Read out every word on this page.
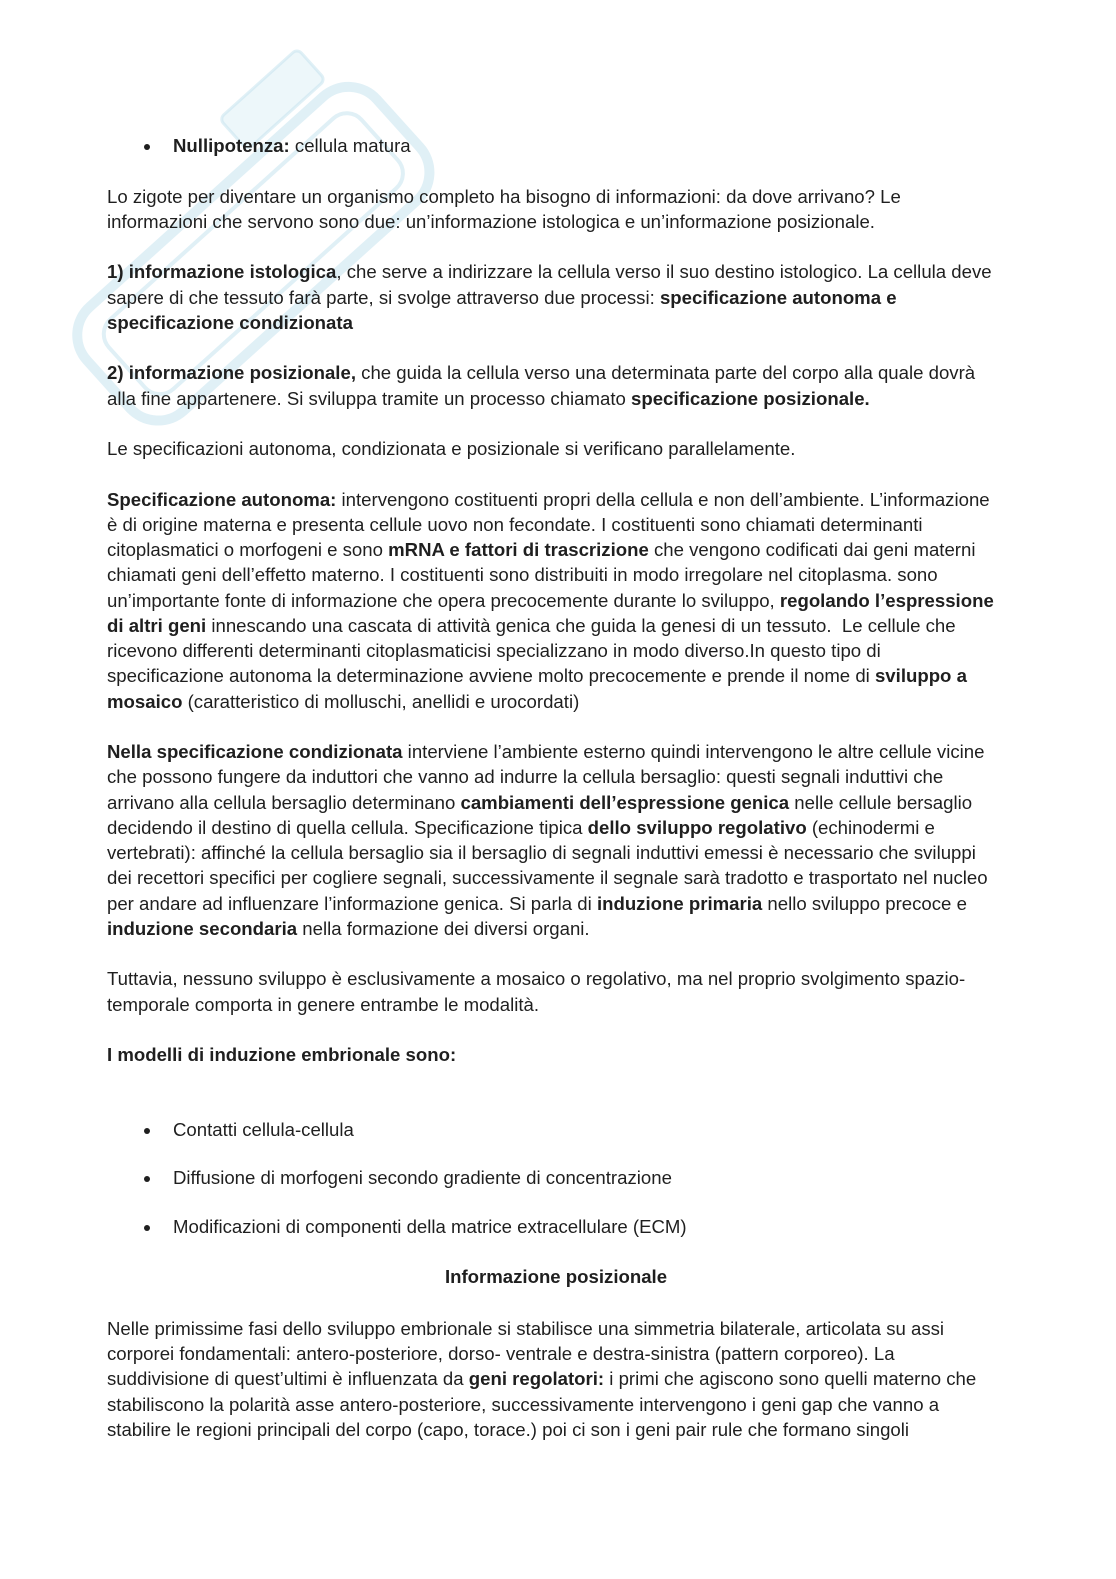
Nullipotenza: cellula matura
Lo zigote per diventare un organismo completo ha bisogno di informazioni: da dove arrivano? Le
informazioni che servono sono due: un’informazione istologica e un’informazione posizionale.
1) informazione istologica, che serve a indirizzare la cellula verso il suo destino istologico. La cellula deve
sapere di che tessuto farà parte, si svolge attraverso due processi: specificazione autonoma e
specificazione condizionata
2) informazione posizionale, che guida la cellula verso una determinata parte del corpo alla quale dovrà
alla fine appartenere. Si sviluppa tramite un processo chiamato specificazione posizionale.
Le specificazioni autonoma, condizionata e posizionale si verificano parallelamente.
Specificazione autonoma: intervengono costituenti propri della cellula e non dell’ambiente. L’informazione
è di origine materna e presenta cellule uovo non fecondate. I costituenti sono chiamati determinanti
citoplasmatici o morfogeni e sono mRNA e fattori di trascrizione che vengono codificati dai geni materni
chiamati geni dell’effetto materno. I costituenti sono distribuiti in modo irregolare nel citoplasma. sono
un’importante fonte di informazione che opera precocemente durante lo sviluppo, regolando l’espressione
di altri geni innescando una cascata di attività genica che guida la genesi di un tessuto.  Le cellule che
ricevono differenti determinanti citoplasmaticisi specializzano in modo diverso.In questo tipo di
specificazione autonoma la determinazione avviene molto precocemente e prende il nome di sviluppo a
mosaico (caratteristico di molluschi, anellidi e urocordati)
Nella specificazione condizionata interviene l’ambiente esterno quindi intervengono le altre cellule vicine
che possono fungere da induttori che vanno ad indurre la cellula bersaglio: questi segnali induttivi che
arrivano alla cellula bersaglio determinano cambiamenti dell’espressione genica nelle cellule bersaglio
decidendo il destino di quella cellula. Specificazione tipica dello sviluppo regolativo (echinodermi e
vertebrati): affinché la cellula bersaglio sia il bersaglio di segnali induttivi emessi è necessario che sviluppi
dei recettori specifici per cogliere segnali, successivamente il segnale sarà tradotto e trasportato nel nucleo
per andare ad influenzare l’informazione genica. Si parla di induzione primaria nello sviluppo precoce e
induzione secondaria nella formazione dei diversi organi.
Tuttavia, nessuno sviluppo è esclusivamente a mosaico o regolativo, ma nel proprio svolgimento spazio-
temporale comporta in genere entrambe le modalità.
I modelli di induzione embrionale sono:
Contatti cellula-cellula
Diffusione di morfogeni secondo gradiente di concentrazione
Modificazioni di componenti della matrice extracellulare (ECM)
Informazione posizionale
Nelle primissime fasi dello sviluppo embrionale si stabilisce una simmetria bilaterale, articolata su assi
corporei fondamentali: antero-posteriore, dorso- ventrale e destra-sinistra (pattern corporeo). La
suddivisione di quest’ultimi è influenzata da geni regolatori: i primi che agiscono sono quelli materno che
stabiliscono la polarità asse antero-posteriore, successivamente intervengono i geni gap che vanno a
stabilire le regioni principali del corpo (capo, torace.) poi ci son i geni pair rule che formano singoli
